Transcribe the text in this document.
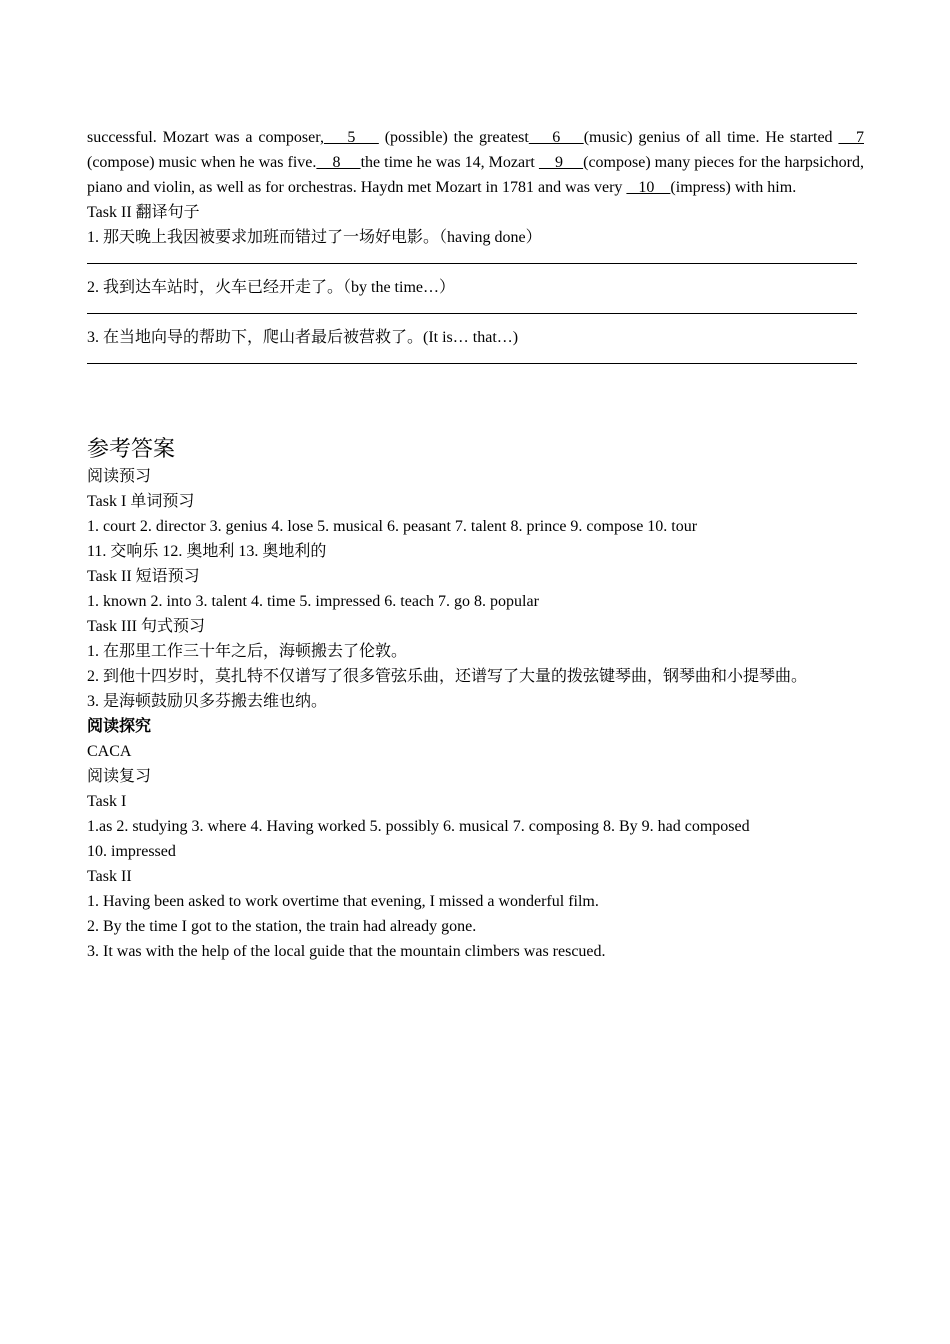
successful. Mozart was a composer,    5     (possible) the greatest    6    (music) genius of all time. He started    7 (compose) music when he was five.    8     the time he was 14, Mozart     9     (compose) many pieces for the harpsichord, piano and violin, as well as for orchestras. Haydn met Mozart in 1781 and was very    10    (impress) with him.
Task II 翻译句子
1. 那天晚上我因被要求加班而错过了一场好电影。（having done）
2. 我到达车站时，火车已经开走了。（by the time…）
3. 在当地向导的帮助下，爬山者最后被营救了。(It is… that…)
参考答案
阅读预习
Task I 单词预习
1. court 2. director 3. genius 4. lose 5. musical 6. peasant 7. talent 8. prince 9. compose 10. tour
11. 交响乐 12. 奥地利 13. 奥地利的
Task II 短语预习
1. known 2. into 3. talent 4. time 5. impressed 6. teach 7. go 8. popular
Task III 句式预习
1. 在那里工作三十年之后，海顿搬去了伦敦。
2. 到他十四岁时，莫扎特不仅谱写了很多管弦乐曲，还谱写了大量的拨弦键琴曲，钢琴曲和小提琴曲。
3. 是海顿鼓励贝多芬搬去维也纳。
阅读探究
CACA
阅读复习
Task I
1.as 2. studying 3. where 4. Having worked 5. possibly 6. musical 7. composing 8. By 9. had composed
10. impressed
Task II
1. Having been asked to work overtime that evening, I missed a wonderful film.
2. By the time I got to the station, the train had already gone.
3. It was with the help of the local guide that the mountain climbers was rescued.
